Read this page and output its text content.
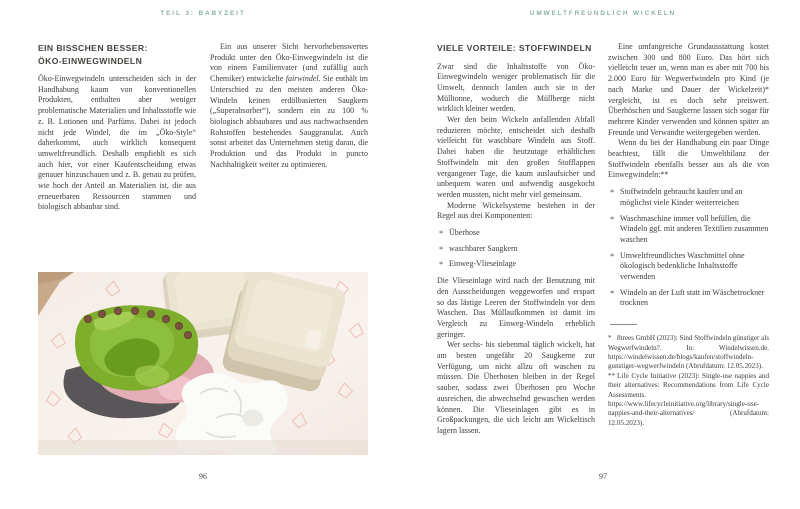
TEIL 3: BABYZEIT	UMWELTFREUNDLICH WICKELN
EIN BISSCHEN BESSER:
ÖKO-EINWEGWINDELN

Öko-Einwegwindeln unterscheiden sich in der Handhabung kaum von konventionellen Produkten, enthalten aber weniger problematische Materialien und Inhaltsstoffe wie z. B. Lotionen und Parfüms. Dabei ist jedoch nicht jede Windel, die im „Öko-Style“ daherkommt, auch wirklich konsequent umweltfreundlich. Deshalb empfiehlt es sich auch hier, vor einer Kaufentscheidung etwas genauer hinzuschauen und z. B. genau zu prüfen, wie hoch der Anteil an Materialien ist, die aus erneuerbaren Ressourcen stammen und biologisch abbaubar sind.

Ein aus unserer Sicht hervorhebenswertes Produkt unter den Öko-Einwegwindeln ist die von einem Familienvater (und zufällig auch Chemiker) entwickelte fairwindel. Sie enthält im Unterschied zu den meisten anderen Öko-Windeln keinen erdölbasierten Saugkern („Superabsorber“), sondern ein zu 100 % biologisch abbaubares und aus nachwachsenden Rohstoffen bestehendes Sauggranulat. Auch sonst arbeitet das Unternehmen stetig daran, die Produktion und das Produkt in puncto Nachhaltigkeit weiter zu optimieren.

VIELE VORTEILE: STOFFWINDELN

Zwar sind die Inhaltsstoffe von Öko-Einwegwindeln weniger problematisch für die Umwelt, dennoch landen auch sie in der Mülltonne, wodurch die Müllberge nicht wirklich kleiner werden.

Wer den beim Wickeln anfallenden Abfall reduzieren möchte, entscheidet sich deshalb vielleicht für waschbare Windeln aus Stoff. Dabei haben die heutzutage erhältlichen Stoffwindeln mit den großen Stofflappen vergangener Tage, die kaum auslaufsicher und unbequem waren und aufwendig ausgekocht werden mussten, nicht mehr viel gemeinsam.

Moderne Wickelsysteme bestehen in der Regel aus drei Komponenten:

* Überhose
* waschbarer Saugkern
* Einweg-Vlieseinlage

Die Vlieseinlage wird nach der Benutzung mit den Ausscheidungen weggeworfen und erspart so das lästige Leeren der Stoffwindeln vor dem Waschen. Das Müllaufkommen ist damit im Vergleich zu Einweg-Windeln erheblich geringer.

Wer sechs- bis siebenmal täglich wickelt, hat am besten ungefähr 20 Saugkerne zur Verfügung, um nicht allzu oft waschen zu müssen. Die Überhosen bleiben in der Regel sauber, sodass zwei Überhosen pro Woche ausreichen, die abwechselnd gewaschen werden können. Die Vlieseinlagen gibt es in Großpackungen, die sich leicht am Wickeltisch lagern lassen.

Eine umfangreiche Grundausstattung kostet zwischen 300 und 800 Euro. Das hört sich vielleicht teuer an, wenn man es aber mit 700 bis 2.000 Euro für Wegwerfwindeln pro Kind (je nach Marke und Dauer der Wickelzeit)* vergleicht, ist es doch sehr preiswert. Überhöschen und Saugkerne lassen sich sogar für mehrere Kinder verwenden und können später an Freunde und Verwandte weitergegeben werden.

Wenn du bei der Handhabung ein paar Dinge beachtest, fällt die Umweltbilanz der Stoffwindeln ebenfalls besser aus als die von Einwegwindeln:**

* Stoffwindeln gebraucht kaufen und an möglichst viele Kinder weiterreichen
* Waschmaschine immer voll befüllen, die Windeln ggf. mit anderen Textilien zusammen waschen
* Umweltfreundliches Waschmittel ohne ökologisch bedenkliche Inhaltsstoffe verwenden
* Windeln an der Luft statt im Wäschetrockner trocknen

* 8trees GmbH (2023): Sind Stoffwindeln günstiger als Wegwerfwindeln?. In: Windelwissen.de. https://windelwissen.de/blogs/kaufen/stoffwindeln-gunstiger-wegwerfwindeln (Abrufdatum: 12.05.2023).

** Life Cycle Initiative (2023): Single-use nappies and their alternatives: Recommendations from Life Cycle Assessments. https://www.lifecycleinitiative.org/library/single-use-nappies-and-their-alternatives/ (Abrufdatum: 12.05.2023).

96	97
